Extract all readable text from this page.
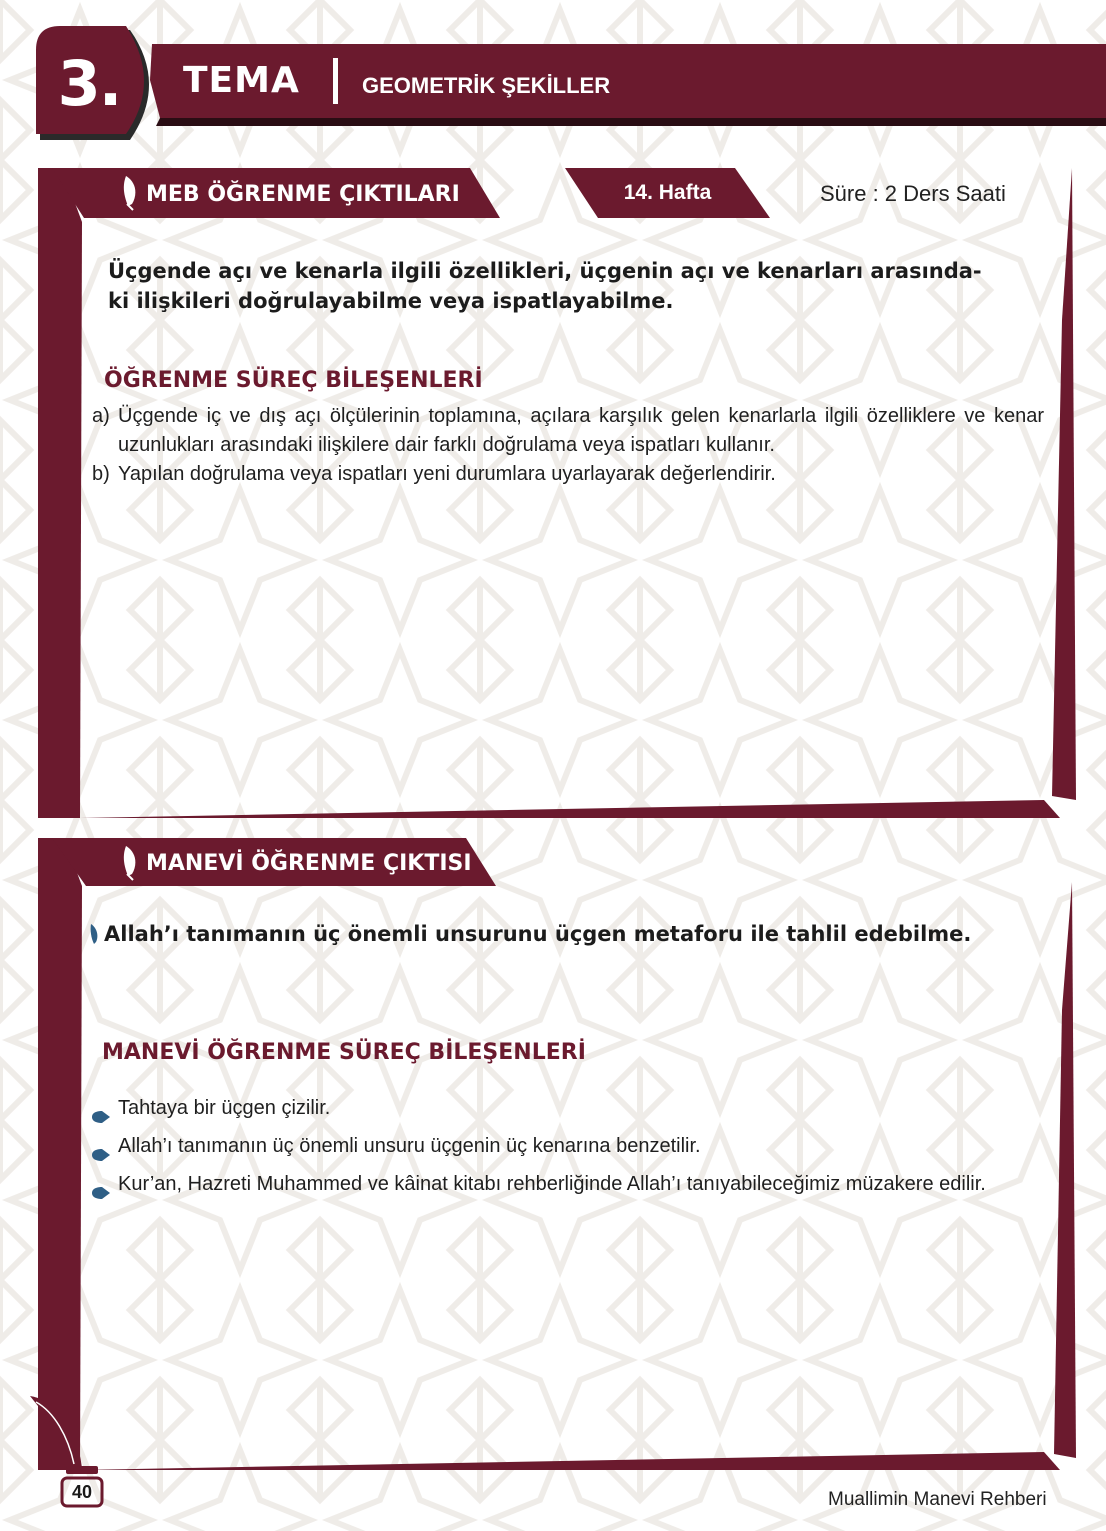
3.	TEMA	GEOMETRİK ŞEKİLLER
MEB ÖĞRENME ÇIKTILARI	14. Hafta	Süre : 2 Ders Saati
Üçgende açı ve kenarla ilgili özellikleri, üçgenin açı ve kenarları arasında-
ki ilişkileri doğrulayabilme veya ispatlayabilme.
ÖĞRENME SÜREÇ BİLEŞENLERİ
a) Üçgende iç ve dış açı ölçülerinin toplamına, açılara karşılık gelen kenarlarla ilgili özelliklere ve kenar uzunlukları arasındaki ilişkilere dair farklı doğrulama veya ispatları kullanır.
b) Yapılan doğrulama veya ispatları yeni durumlara uyarlayarak değerlendirir.
MANEVİ ÖĞRENME ÇIKTISI
Allah’ı tanımanın üç önemli unsurunu üçgen metaforu ile tahlil edebilme.
MANEVİ ÖĞRENME SÜREÇ BİLEŞENLERİ
Tahtaya bir üçgen çizilir.
Allah’ı tanımanın üç önemli unsuru üçgenin üç kenarına benzetilir.
Kur’an, Hazreti Muhammed ve kâinat kitabı rehberliğinde Allah’ı tanıyabileceğimiz müzakere edilir.
40	Muallimin Manevi Rehberi
